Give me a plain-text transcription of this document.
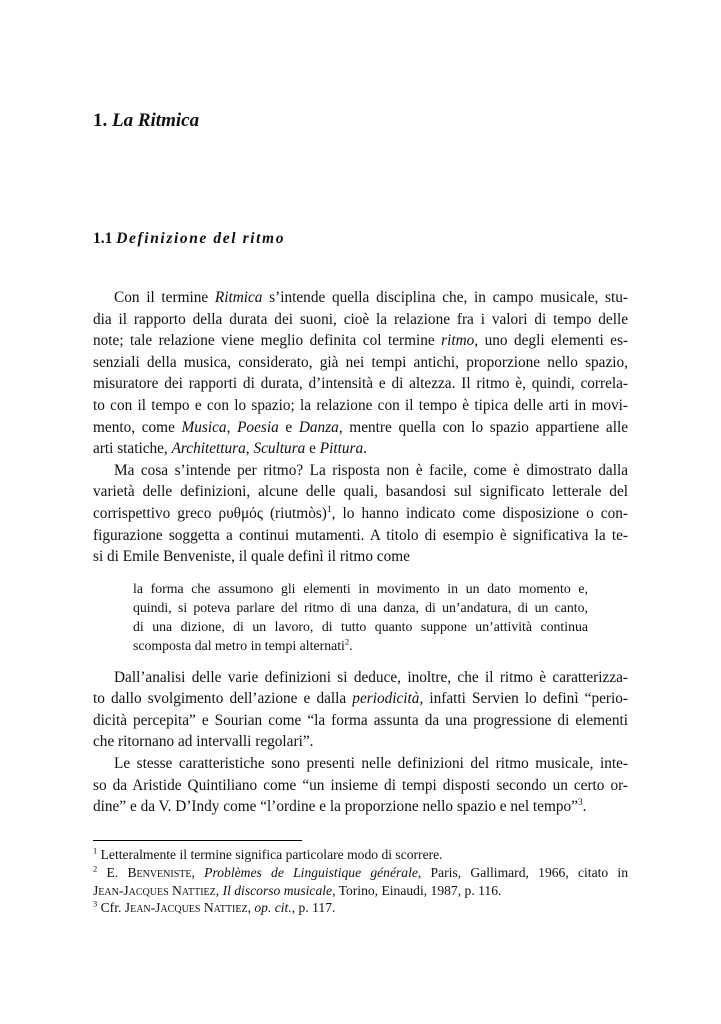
1. La Ritmica
1.1 Definizione del ritmo

Con il termine Ritmica s’intende quella disciplina che, in campo musicale, stu-
dia il rapporto della durata dei suoni, cioè la relazione fra i valori di tempo delle
note; tale relazione viene meglio definita col termine ritmo, uno degli elementi es-
senziali della musica, considerato, già nei tempi antichi, proporzione nello spazio,
misuratore dei rapporti di durata, d’intensità e di altezza. Il ritmo è, quindi, correla-
to con il tempo e con lo spazio; la relazione con il tempo è tipica delle arti in movi-
mento, come Musica, Poesia e Danza, mentre quella con lo spazio appartiene alle
arti statiche, Architettura, Scultura e Pittura.

Ma cosa s’intende per ritmo? La risposta non è facile, come è dimostrato dalla
varietà delle definizioni, alcune delle quali, basandosi sul significato letterale del
corrispettivo greco ρυθμός (riutmòs)$^1$, lo hanno indicato come disposizione o con-
figurazione soggetta a continui mutamenti. A titolo di esempio è significativa la te-
si di Emile Benveniste, il quale definì il ritmo come

la forma che assumono gli elementi in movimento in un dato momento e,
quindi, si poteva parlare del ritmo di una danza, di un’andatura, di un canto,
di una dizione, di un lavoro, di tutto quanto suppone un’attività continua
scomposta dal metro in tempi alternati$^2$.

Dall’analisi delle varie definizioni si deduce, inoltre, che il ritmo è caratterizza-
to dallo svolgimento dell’azione e dalla periodicità, infatti Servien lo definì “perio-
dicità percepita” e Sourian come “la forma assunta da una progressione di elementi
che ritornano ad intervalli regolari”.

Le stesse caratteristiche sono presenti nelle definizioni del ritmo musicale, inte-
so da Aristide Quintiliano come “un insieme di tempi disposti secondo un certo or-
dine” e da V. D’Indy come “l’ordine e la proporzione nello spazio e nel tempo”$^3$.

$^1$ Letteralmente il termine significa particolare modo di scorrere.
$^2$ E. Benveniste, Problèmes de Linguistique générale, Paris, Gallimard, 1966, citato in
Jean-Jacques Nattiez, Il discorso musicale, Torino, Einaudi, 1987, p. 116.
$^3$ Cfr. Jean-Jacques Nattiez, op. cit., p. 117.
